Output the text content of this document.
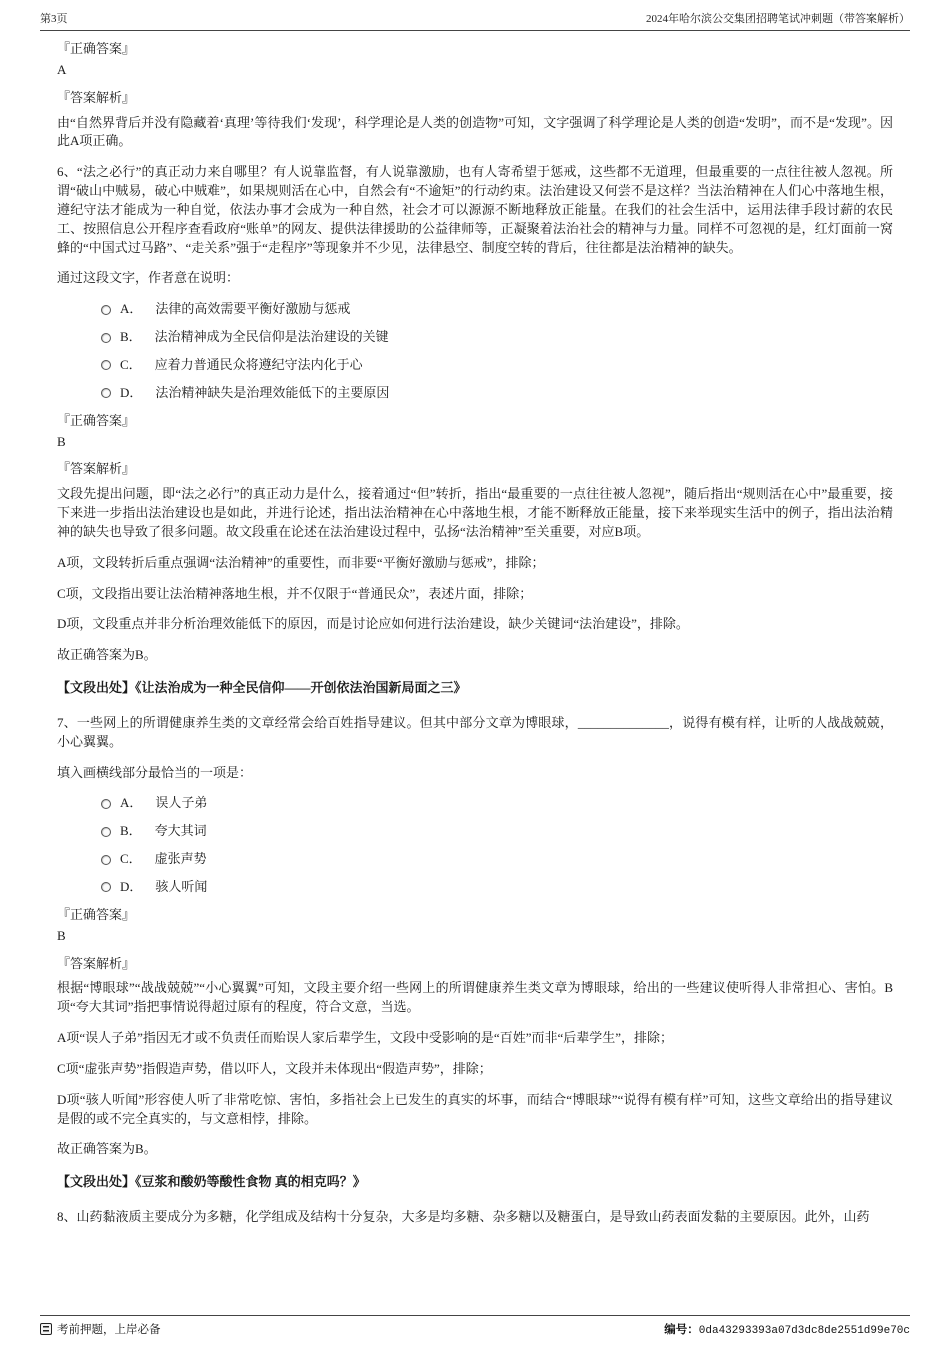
第3页	2024年哈尔滨公交集团招聘笔试冲刺题（带答案解析）

『正确答案』

A

『答案解析』

由“自然界背后并没有隐藏着‘真理’等待我们‘发现’，科学理论是人类的创造物”可知，文字强调了科学理论是人类的创造“发明”，而不是“发现”。因此A项正确。

6、“法之必行”的真正动力来自哪里？有人说靠监督，有人说靠激励，也有人寄希望于惩戒，这些都不无道理，但最重要的一点往往被人忽视。所谓“破山中贼易，破心中贼难”，如果规则活在心中，自然会有“不逾矩”的行动约束。法治建设又何尝不是这样？当法治精神在人们心中落地生根，遵纪守法才能成为一种自觉，依法办事才会成为一种自然，社会才可以源源不断地释放正能量。在我们的社会生活中，运用法律手段讨薪的农民工、按照信息公开程序查看政府“账单”的网友、提供法律援助的公益律师等，正凝聚着法治社会的精神与力量。同样不可忽视的是，红灯面前一窝蜂的“中国式过马路”、“走关系”强于“走程序”等现象并不少见，法律悬空、制度空转的背后，往往都是法治精神的缺失。

通过这段文字，作者意在说明：

A． 法律的高效需要平衡好激励与惩戒
B． 法治精神成为全民信仰是法治建设的关键
C． 应着力普通民众将遵纪守法内化于心
D． 法治精神缺失是治理效能低下的主要原因

『正确答案』

B

『答案解析』

文段先提出问题，即“法之必行”的真正动力是什么，接着通过“但”转折，指出“最重要的一点往往被人忽视”，随后指出“规则活在心中”最重要，接下来进一步指出法治建设也是如此，并进行论述，指出法治精神在心中落地生根，才能不断释放正能量，接下来举现实生活中的例子，指出法治精神的缺失也导致了很多问题。故文段重在论述在法治建设过程中，弘扬“法治精神”至关重要，对应B项。

A项，文段转折后重点强调“法治精神”的重要性，而非要“平衡好激励与惩戒”，排除；

C项，文段指出要让法治精神落地生根，并不仅限于“普通民众”，表述片面，排除；

D项，文段重点并非分析治理效能低下的原因，而是讨论应如何进行法治建设，缺少关键词“法治建设”，排除。

故正确答案为B。

【文段出处】《让法治成为一种全民信仰——开创依法治国新局面之三》

7、一些网上的所谓健康养生类的文章经常会给百姓指导建议。但其中部分文章为博眼球，______________，说得有模有样，让听的人战战兢兢，小心翼翼。

填入画横线部分最恰当的一项是：

A． 误人子弟
B． 夸大其词
C． 虚张声势
D． 骇人听闻

『正确答案』

B

『答案解析』

根据“博眼球”“战战兢兢”“小心翼翼”可知，文段主要介绍一些网上的所谓健康养生类文章为博眼球，给出的一些建议使听得人非常担心、害怕。B项“夸大其词”指把事情说得超过原有的程度，符合文意，当选。

A项“误人子弟”指因无才或不负责任而贻误人家后辈学生，文段中受影响的是“百姓”而非“后辈学生”，排除；

C项“虚张声势”指假造声势，借以吓人，文段并未体现出“假造声势”，排除；

D项“骇人听闻”形容使人听了非常吃惊、害怕，多指社会上已发生的真实的坏事，而结合“博眼球”“说得有模有样”可知，这些文章给出的指导建议是假的或不完全真实的，与文意相悖，排除。

故正确答案为B。

【文段出处】《豆浆和酸奶等酸性食物 真的相克吗？》

8、山药黏液质主要成分为多糖，化学组成及结构十分复杂，大多是均多糖、杂多糖以及糖蛋白，是导致山药表面发黏的主要原因。此外，山药

考前押题，上岸必备	编号：0da43293393a07d3dc8de2551d99e70c
